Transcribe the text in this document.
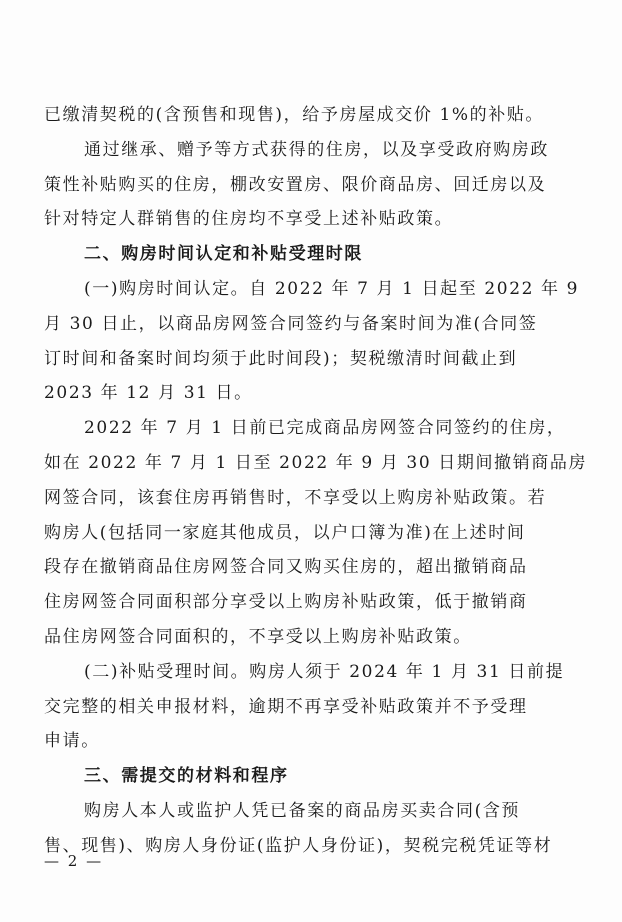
已缴清契税的(含预售和现售)，给予房屋成交价 1%的补贴。
通过继承、赠予等方式获得的住房，以及享受政府购房政
策性补贴购买的住房，棚改安置房、限价商品房、回迁房以及
针对特定人群销售的住房均不享受上述补贴政策。
二、购房时间认定和补贴受理时限
(一)购房时间认定。自 2022 年 7 月 1 日起至 2022 年 9
月 30 日止，以商品房网签合同签约与备案时间为准(合同签
订时间和备案时间均须于此时间段)；契税缴清时间截止到
2023 年 12 月 31 日。
2022 年 7 月 1 日前已完成商品房网签合同签约的住房，
如在 2022 年 7 月 1 日至 2022 年 9 月 30 日期间撤销商品房
网签合同，该套住房再销售时，不享受以上购房补贴政策。若
购房人(包括同一家庭其他成员，以户口簿为准)在上述时间
段存在撤销商品住房网签合同又购买住房的，超出撤销商品
住房网签合同面积部分享受以上购房补贴政策，低于撤销商
品住房网签合同面积的，不享受以上购房补贴政策。
(二)补贴受理时间。购房人须于 2024 年 1 月 31 日前提
交完整的相关申报材料，逾期不再享受补贴政策并不予受理
申请。
三、需提交的材料和程序
购房人本人或监护人凭已备案的商品房买卖合同(含预
售、现售)、购房人身份证(监护人身份证)，契税完税凭证等材
— 2 —
